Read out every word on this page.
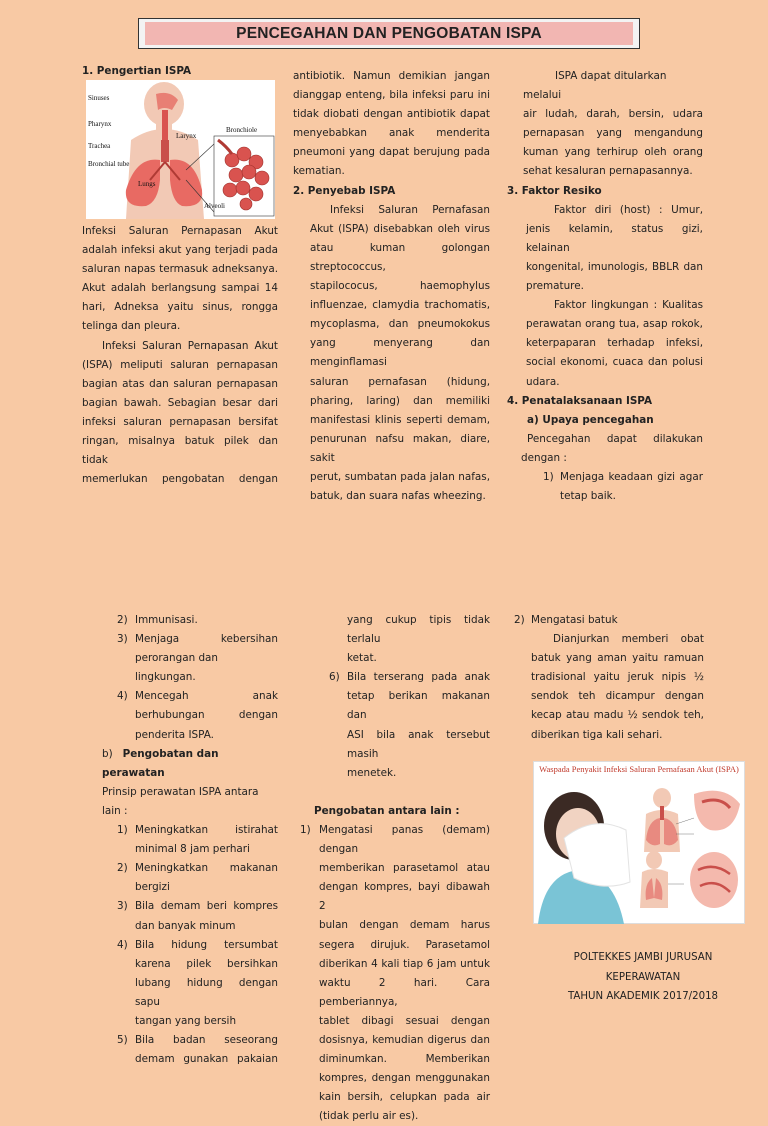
PENCEGAHAN DAN PENGOBATAN ISPA
Sinuses
Pharynx
Larynx
Trachea
Bronchial tube
Lungs
Bronchiole
Alveoli

1. Pengertian ISPA

Infeksi Saluran Pernapasan Akut

adalah infeksi akut yang terjadi pada

saluran napas termasuk adneksanya.

Akut adalah berlangsung sampai 14

hari, Adneksa yaitu sinus, rongga

telinga dan pleura.

Infeksi Saluran Pernapasan Akut

(ISPA) meliputi saluran pernapasan

bagian atas dan saluran pernapasan

bagian bawah. Sebagian besar dari

infeksi saluran pernapasan bersifat

ringan, misalnya batuk pilek dan tidak

memerlukan pengobatan dengan

antibiotik. Namun demikian jangan

dianggap enteng, bila infeksi paru ini

tidak diobati dengan antibiotik dapat

menyebabkan anak menderita

pneumoni yang dapat berujung pada

kematian.

2. Penyebab ISPA

Infeksi Saluran Pernafasan

Akut (ISPA) disebabkan oleh virus

atau kuman golongan streptococcus,

stapilococus, haemophylus

influenzae, clamydia trachomatis,

mycoplasma, dan pneumokokus

yang menyerang dan menginflamasi

saluran pernafasan (hidung,

pharing, laring) dan memiliki

manifestasi klinis seperti demam,

penurunan nafsu makan, diare, sakit

perut, sumbatan pada jalan nafas,

batuk, dan suara nafas wheezing.

ISPA dapat ditularkan melalui

air ludah, darah, bersin, udara

pernapasan yang mengandung

kuman yang terhirup oleh orang

sehat kesaluran pernapasannya.

3. Faktor Resiko

Faktor diri (host) : Umur,

jenis kelamin, status gizi, kelainan

kongenital, imunologis, BBLR dan

premature.

Faktor lingkungan : Kualitas

perawatan orang tua, asap rokok,

keterpaparan terhadap infeksi,

social ekonomi, cuaca dan polusi

udara.

4. Penatalaksanaan ISPA

a) Upaya pencegahan

Pencegahan dapat dilakukan

dengan :

1) Menjaga keadaan gizi agar

tetap baik.

2) Immunisasi.

3) Menjaga kebersihan

perorangan dan lingkungan.

4) Mencegah anak

berhubungan dengan

penderita ISPA.

b) Pengobatan dan perawatan

Prinsip perawatan ISPA antara lain :

1) Meningkatkan istirahat

minimal 8 jam perhari

2) Meningkatkan makanan

bergizi

3) Bila demam beri kompres

dan banyak minum

4) Bila hidung tersumbat

karena pilek bersihkan

lubang hidung dengan sapu

tangan yang bersih

5) Bila badan seseorang

demam gunakan pakaian

yang cukup tipis tidak terlalu

ketat.

6) Bila terserang pada anak

tetap berikan makanan dan

ASI bila anak tersebut masih

menetek.

Pengobatan antara lain :

1) Mengatasi panas (demam) dengan

memberikan parasetamol atau

dengan kompres, bayi dibawah 2

bulan dengan demam harus

segera dirujuk. Parasetamol

diberikan 4 kali tiap 6 jam untuk

waktu 2 hari. Cara pemberiannya,

tablet dibagi sesuai dengan

dosisnya, kemudian digerus dan

diminumkan. Memberikan

kompres, dengan menggunakan

kain bersih, celupkan pada air

(tidak perlu air es).

2) Mengatasi batuk

Dianjurkan memberi obat

batuk yang aman yaitu ramuan

tradisional yaitu jeruk nipis ½

sendok teh dicampur dengan

kecap atau madu ½ sendok teh,

diberikan tiga kali sehari.

Waspada Penyakit Infeksi Saluran Pernafasan Akut (ISPA)
POLTEKKES JAMBI JURUSAN
KEPERAWATAN
TAHUN AKADEMIK 2017/2018
